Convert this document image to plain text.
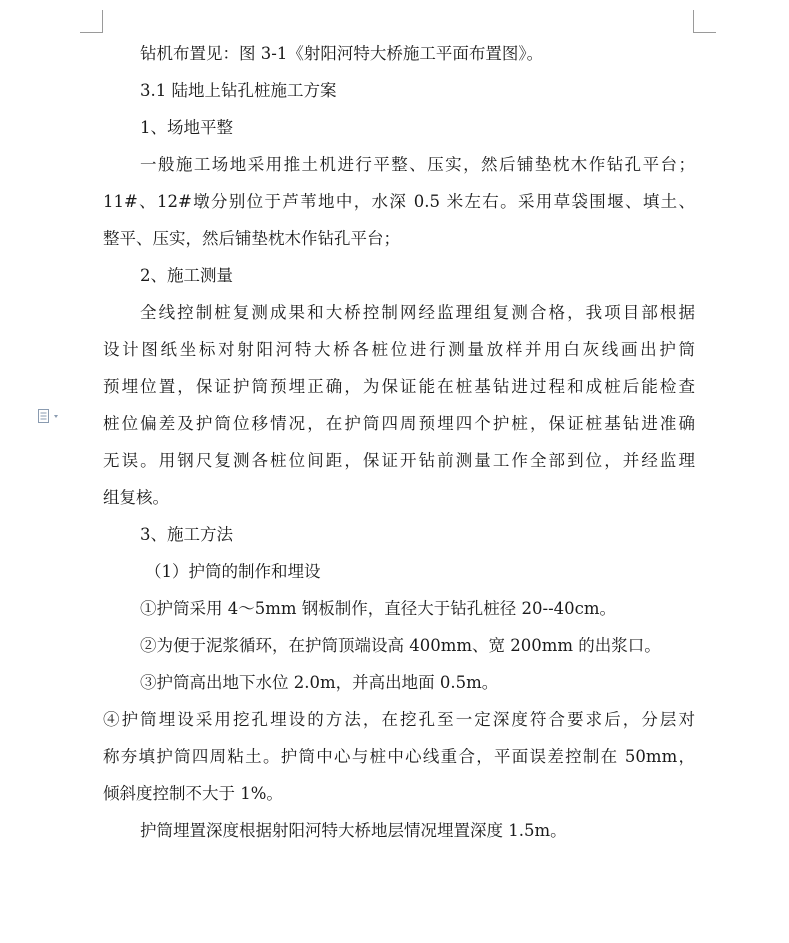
钻机布置见：图 3-1《射阳河特大桥施工平面布置图》。
3.1 陆地上钻孔桩施工方案
1、场地平整
一般施工场地采用推土机进行平整、压实，然后铺垫枕木作钻孔平台；
11#、12#墩分别位于芦苇地中，水深 0.5 米左右。采用草袋围堰、填土、
整平、压实，然后铺垫枕木作钻孔平台；
2、施工测量
全线控制桩复测成果和大桥控制网经监理组复测合格，我项目部根据
设计图纸坐标对射阳河特大桥各桩位进行测量放样并用白灰线画出护筒
预埋位置，保证护筒预埋正确，为保证能在桩基钻进过程和成桩后能检查
桩位偏差及护筒位移情况，在护筒四周预埋四个护桩，保证桩基钻进准确
无误。用钢尺复测各桩位间距，保证开钻前测量工作全部到位，并经监理
组复核。
3、施工方法
（1）护筒的制作和埋设
①护筒采用 4～5mm 钢板制作，直径大于钻孔桩径 20--40cm。
②为便于泥浆循环，在护筒顶端设高 400mm、宽 200mm 的出浆口。
③护筒高出地下水位 2.0m，并高出地面 0.5m。
④护筒埋设采用挖孔埋设的方法，在挖孔至一定深度符合要求后，分层对
称夯填护筒四周粘土。护筒中心与桩中心线重合，平面误差控制在 50mm，
倾斜度控制不大于 1%。
护筒埋置深度根据射阳河特大桥地层情况埋置深度 1.5m。
